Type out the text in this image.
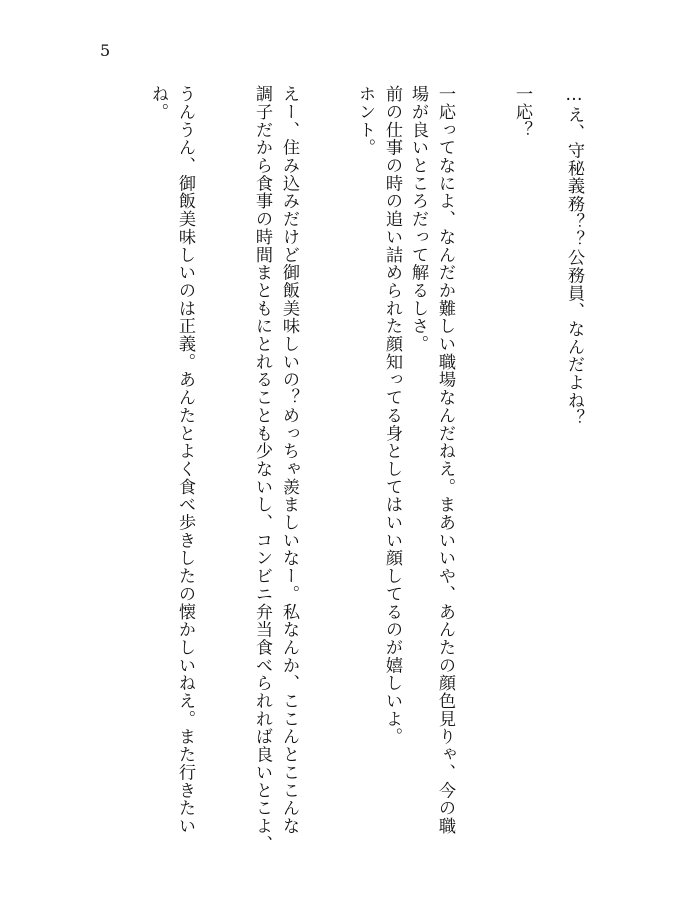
5
…え、守秘義務？？公務員、なんだよね？
一応？
一応ってなによ、なんだか難しい職場なんだねえ。まあいいや、あんたの顔色見りゃ、今の職
場が良いところだって解るしさ。
前の仕事の時の追い詰められた顔知ってる身としてはいい顔してるのが嬉しいよ。
ホント。
えー、住み込みだけど御飯美味しいの？めっちゃ羨ましいなー。私なんか、ここんとここんな
調子だから食事の時間まともにとれることも少ないし、コンビニ弁当食べられれば良いとこよ、
うんうん、御飯美味しいのは正義。あんたとよく食べ歩きしたの懐かしいねえ。また行きたい
ね。
